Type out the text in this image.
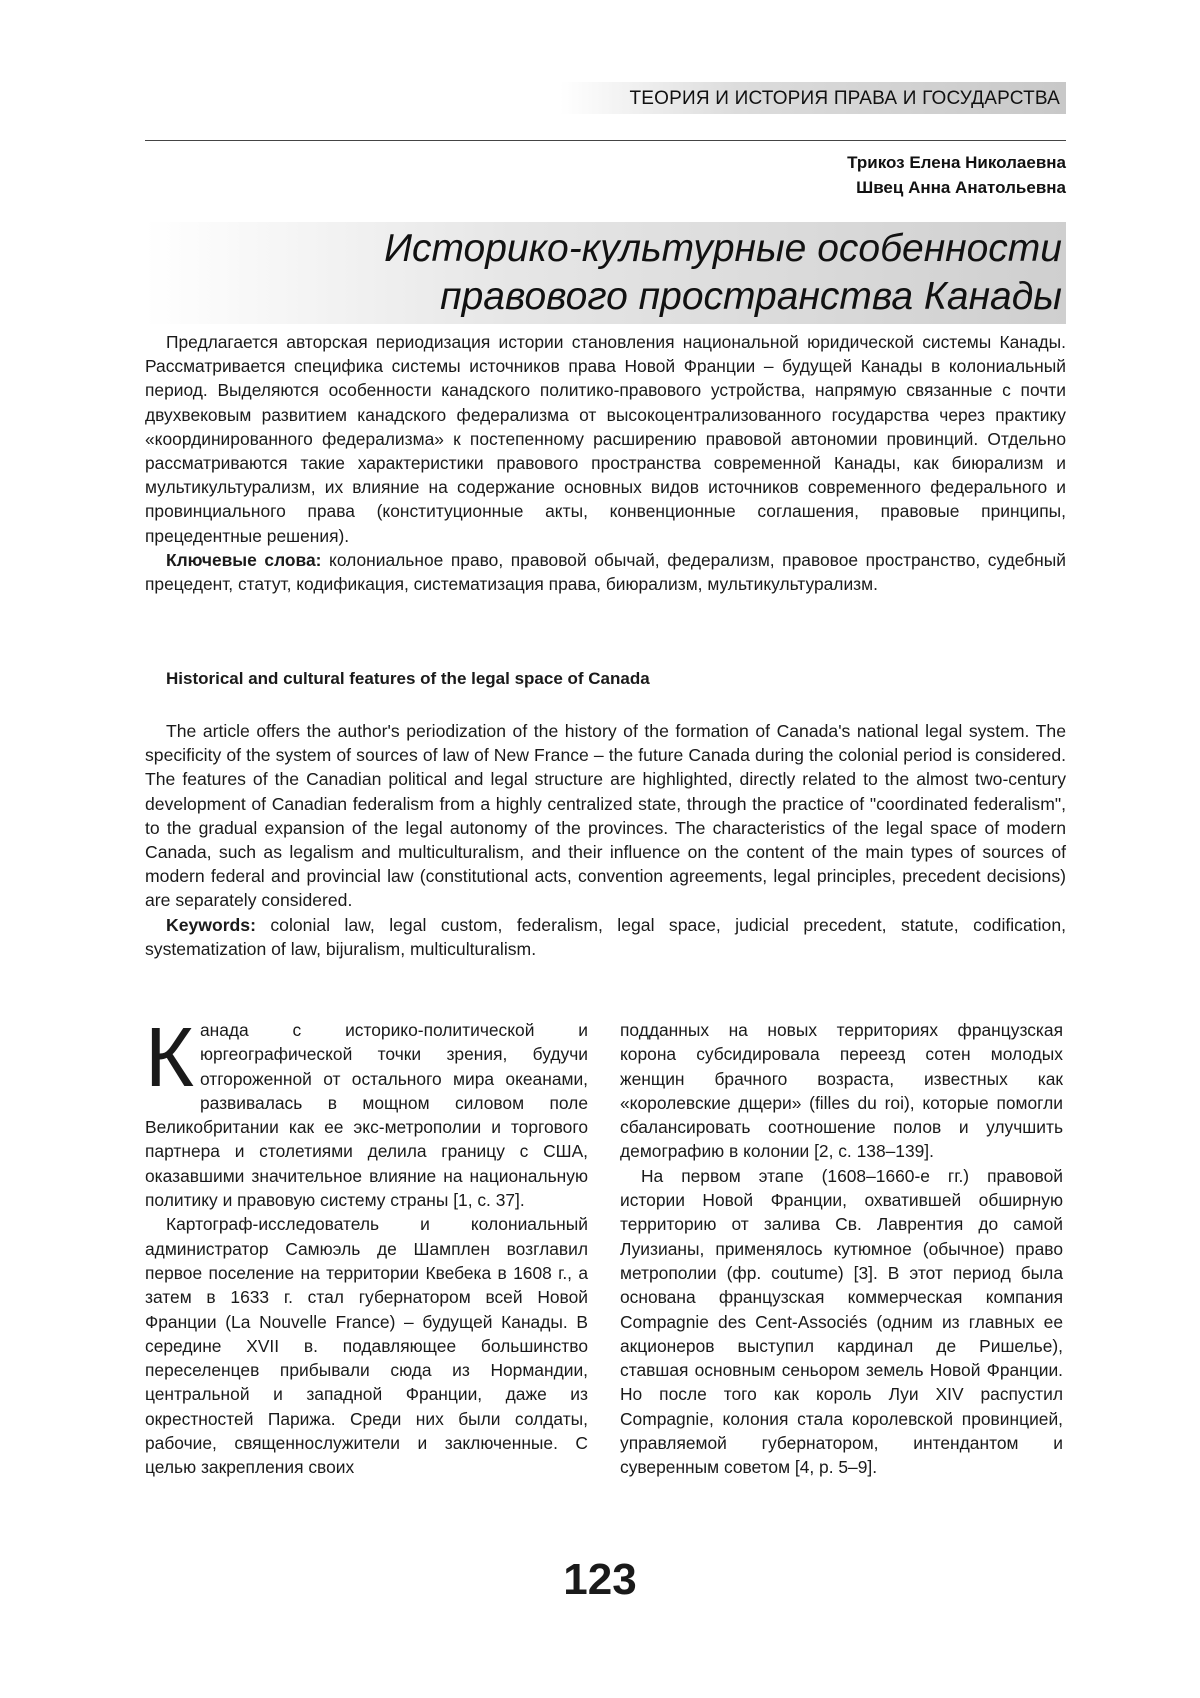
ТЕОРИЯ И ИСТОРИЯ ПРАВА И ГОСУДАРСТВА
Трикоз Елена Николаевна
Швец Анна Анатольевна
Историко-культурные особенности
правового пространства Канады

Предлагается авторская периодизация истории становления национальной юридической системы Канады. Рассматривается специфика системы источников права Новой Франции – будущей Канады в колониальный период. Выделяются особенности канадского политико-правового устройства, напрямую связанные с почти двухвековым развитием канадского федерализма от высокоцентрализованного государства через практику «координированного федерализма» к постепенному расширению правовой автономии провинций. Отдельно рассматриваются такие характеристики правового пространства современной Канады, как биюрализм и мультикультурализм, их влияние на содержание основных видов источников современного федерального и провинциального права (конституционные акты, конвенционные соглашения, правовые принципы, прецедентные решения).

Ключевые слова: колониальное право, правовой обычай, федерализм, правовое пространство, судебный прецедент, статут, кодификация, систематизация права, биюрализм, мультикультурализм.

Historical and cultural features of the legal space of Canada

The article offers the author's periodization of the history of the formation of Canada's national legal system. The specificity of the system of sources of law of New France – the future Canada during the colonial period is considered. The features of the Canadian political and legal structure are highlighted, directly related to the almost two-century development of Canadian federalism from a highly centralized state, through the practice of "coordinated federalism", to the gradual expansion of the legal autonomy of the provinces. The characteristics of the legal space of modern Canada, such as legalism and multiculturalism, and their influence on the content of the main types of sources of modern federal and provincial law (constitutional acts, convention agreements, legal principles, precedent decisions) are separately considered.

Keywords: colonial law, legal custom, federalism, legal space, judicial precedent, statute, codification, systematization of law, bijuralism, multiculturalism.

Канада с историко-политической и юргеографической точки зрения, будучи отгороженной от остального мира океанами, развивалась в мощном силовом поле Великобритании как ее экс-метрополии и торгового партнера и столетиями делила границу с США, оказавшими значительное влияние на национальную политику и правовую систему страны [1, с. 37].

Картограф-исследователь и колониальный администратор Самюэль де Шамплен возглавил первое поселение на территории Квебека в 1608 г., а затем в 1633 г. стал губернатором всей Новой Франции (La Nouvelle France) – будущей Канады. В середине XVII в. подавляющее большинство переселенцев прибывали сюда из Нормандии, центральной и западной Франции, даже из окрестностей Парижа. Среди них были солдаты, рабочие, священнослужители и заключенные. С целью закрепления своих

подданных на новых территориях французская корона субсидировала переезд сотен молодых женщин брачного возраста, известных как «королевские дщери» (filles du roi), которые помогли сбалансировать соотношение полов и улучшить демографию в колонии [2, с. 138–139].

На первом этапе (1608–1660-е гг.) правовой истории Новой Франции, охватившей обширную территорию от залива Св. Лаврентия до самой Луизианы, применялось кутюмное (обычное) право метрополии (фр. coutume) [3]. В этот период была основана французская коммерческая компания Compagnie des Cent-Associés (одним из главных ее акционеров выступил кардинал де Ришелье), ставшая основным сеньором земель Новой Франции. Но после того как король Луи XIV распустил Compagnie, колония стала королевской провинцией, управляемой губернатором, интендантом и суверенным советом [4, p. 5–9].

123
